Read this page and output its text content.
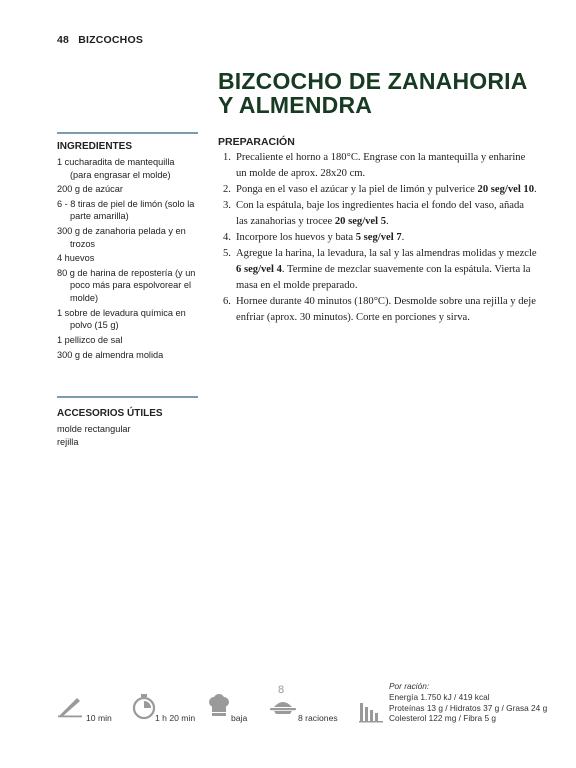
48 BIZCOCHOS
BIZCOCHO DE ZANAHORIA
Y ALMENDRA
INGREDIENTES
1 cucharadita de mantequilla (para engrasar el molde)
200 g de azúcar
6 - 8 tiras de piel de limón (solo la parte amarilla)
300 g de zanahoria pelada y en trozos
4 huevos
80 g de harina de repostería (y un poco más para espolvorear el molde)
1 sobre de levadura química en polvo (15 g)
1 pellizco de sal
300 g de almendra molida
ACCESORIOS ÚTILES
molde rectangular
rejilla
PREPARACIÓN
1. Precaliente el horno a 180°C. Engrase con la mantequilla y enharine un molde de aprox. 28x20 cm.
2. Ponga en el vaso el azúcar y la piel de limón y pulverice 20 seg/vel 10.
3. Con la espátula, baje los ingredientes hacia el fondo del vaso, añada las zanahorias y trocee 20 seg/vel 5.
4. Incorpore los huevos y bata 5 seg/vel 7.
5. Agregue la harina, la levadura, la sal y las almendras molidas y mezcle 6 seg/vel 4. Termine de mezclar suavemente con la espátula. Vierta la masa en el molde preparado.
6. Hornee durante 40 minutos (180°C). Desmolde sobre una rejilla y deje enfriar (aprox. 30 minutos). Corte en porciones y sirva.
10 min	1 h 20 min	baja
8
8 raciones
Por ración:
Energía 1.750 kJ / 419 kcal
Proteínas 13 g / Hidratos 37 g / Grasa 24 g
Colesterol 122 mg / Fibra 5 g
